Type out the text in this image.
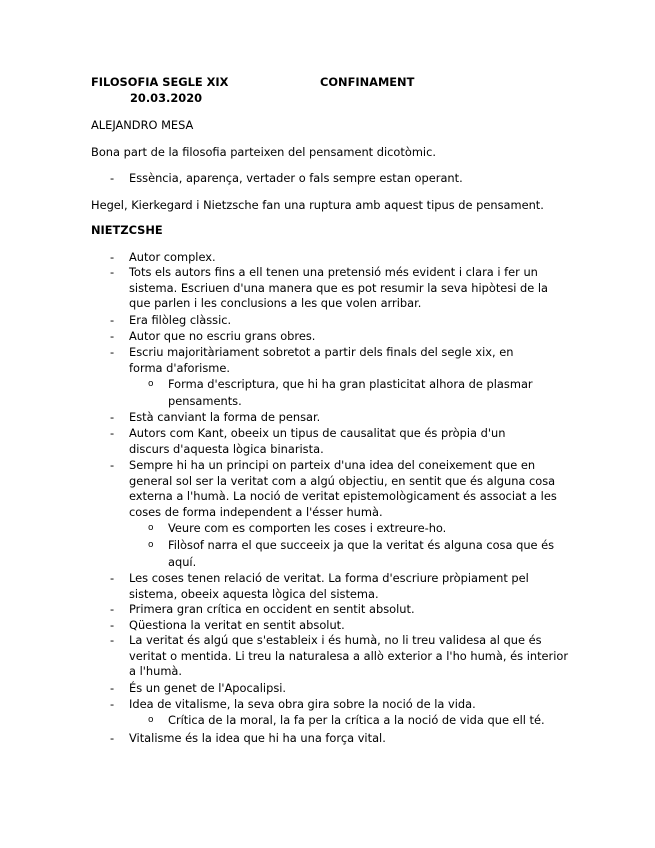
FILOSOFIA SEGLE XIX	CONFINAMENT
20.03.2020
ALEJANDRO MESA
Bona part de la filosofia parteixen del pensament dicotòmic.
- Essència, aparença, vertader o fals sempre estan operant.
Hegel, Kierkegard i Nietzsche fan una ruptura amb aquest tipus de pensament.
NIETZCSHE
- Autor complex.
- Tots els autors fins a ell tenen una pretensió més evident i clara i fer un sistema. Escriuen d'una manera que es pot resumir la seva hipòtesi de la que parlen i les conclusions a les que volen arribar.
- Era filòleg clàssic.
- Autor que no escriu grans obres.
- Escriu majoritàriament sobretot a partir dels finals del segle xix, en forma d'aforisme.
o Forma d'escriptura, que hi ha gran plasticitat alhora de plasmar pensaments.
- Està canviant la forma de pensar.
- Autors com Kant, obeeix un tipus de causalitat que és pròpia d'un discurs d'aquesta lògica binarista.
- Sempre hi ha un principi on parteix d'una idea del coneixement que en general sol ser la veritat com a algú objectiu, en sentit que és alguna cosa externa a l'humà. La noció de veritat epistemològicament és associat a les coses de forma independent a l'ésser humà.
o Veure com es comporten les coses i extreure-ho.
o Filòsof narra el que succeeix ja que la veritat és alguna cosa que és aquí.
- Les coses tenen relació de veritat. La forma d'escriure pròpiament pel sistema, obeeix aquesta lògica del sistema.
- Primera gran crítica en occident en sentit absolut.
- Qüestiona la veritat en sentit absolut.
- La veritat és algú que s'estableix i és humà, no li treu validesa al que és veritat o mentida. Li treu la naturalesa a allò exterior a l'ho humà, és interior a l'humà.
- És un genet de l'Apocalipsi.
- Idea de vitalisme, la seva obra gira sobre la noció de la vida.
o Crítica de la moral, la fa per la crítica a la noció de vida que ell té.
- Vitalisme és la idea que hi ha una força vital.
